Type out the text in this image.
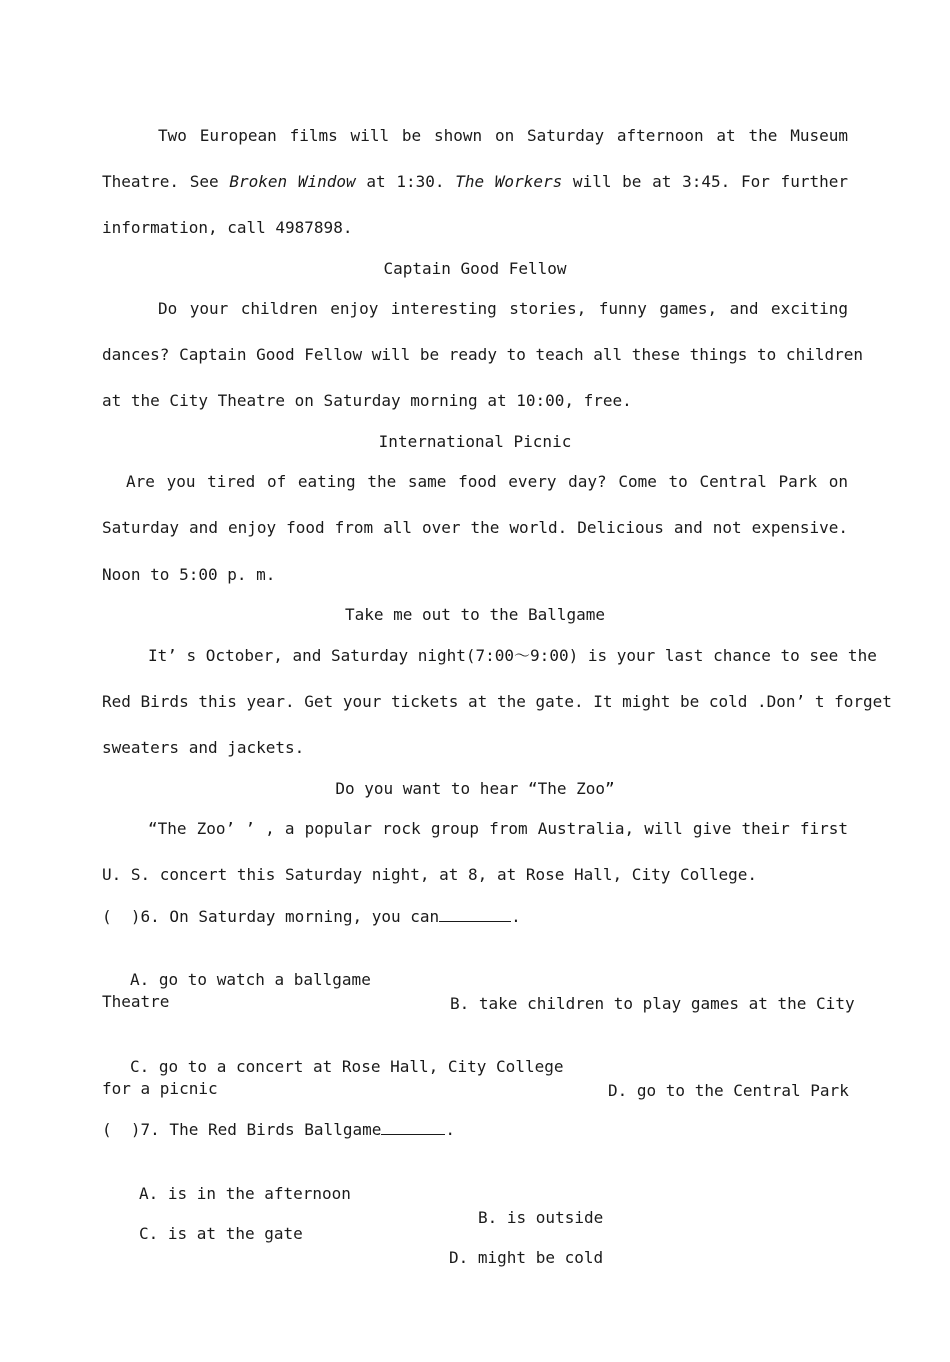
Two European films will be shown on Saturday afternoon at the Museum
Theatre. See Broken Window at 1:30. The Workers will be at 3:45. For further
information, call 4987898.
Captain Good Fellow
Do your children enjoy interesting stories, funny games, and exciting
dances? Captain Good Fellow will be ready to teach all these things to children
at the City Theatre on Saturday morning at 10:00, free.
International Picnic
Are you tired of eating the same food every day? Come to Central Park on
Saturday and enjoy food from all over the world. Delicious and not expensive.
Noon to 5:00 p. m.
Take me out to the Ballgame
It’ s October, and Saturday night(7:00～9:00) is your last chance to see the
Red Birds this year. Get your tickets at the gate. It might be cold .Don’ t forget
sweaters and jackets.
Do you want to hear “The Zoo”
“The Zoo’ ’ , a popular rock group from Australia, will give their first
U. S. concert this Saturday night, at 8, at Rose Hall, City College.
(  )6. On Saturday morning, you can	.

A. go to watch a ballgame

B. take children to play games at the City

Theatre

C. go to a concert at Rose Hall, City College

D. go to the Central Park

for a picnic
(  )7. The Red Birds Ballgame	.

A. is in the afternoon

B. is outside

C. is at the gate

D. might be cold
